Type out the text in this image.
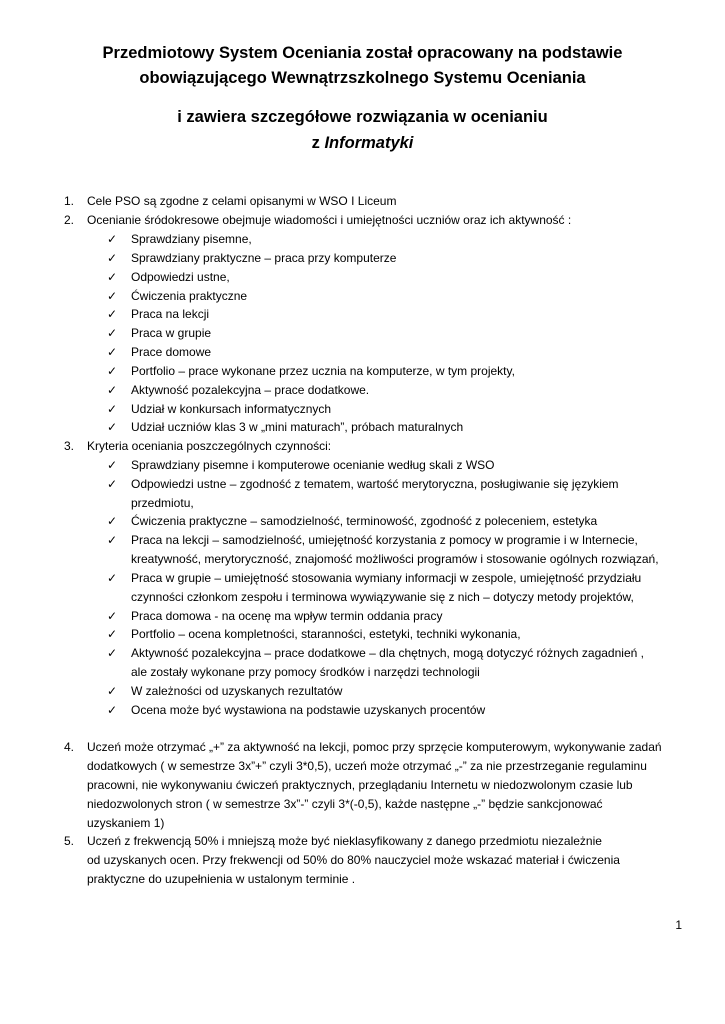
Przedmiotowy System Oceniania został opracowany na podstawie
obowiązującego Wewnątrzszkolnego Systemu Oceniania
i zawiera szczegółowe rozwiązania w ocenianiu
z Informatyki
1.	Cele PSO są zgodne z celami opisanymi w WSO I Liceum
2.	Ocenianie śródokresowe obejmuje wiadomości i umiejętności uczniów oraz ich aktywność :
✓	Sprawdziany pisemne,
✓	Sprawdziany praktyczne – praca przy komputerze
✓	Odpowiedzi ustne,
✓	Ćwiczenia praktyczne
✓	Praca na lekcji
✓	Praca w grupie
✓	Prace domowe
✓	Portfolio – prace wykonane przez ucznia na komputerze, w tym projekty,
✓	Aktywność pozalekcyjna – prace dodatkowe.
✓	Udział w konkursach informatycznych
✓	Udział uczniów klas 3 w „mini maturach”, próbach maturalnych
3.	Kryteria oceniania poszczególnych czynności:
✓	Sprawdziany pisemne i komputerowe ocenianie według skali z WSO
✓	Odpowiedzi ustne – zgodność z tematem, wartość merytoryczna, posługiwanie się językiem
przedmiotu,
✓	Ćwiczenia praktyczne – samodzielność, terminowość, zgodność z poleceniem, estetyka
✓	Praca na lekcji – samodzielność, umiejętność korzystania z pomocy w programie i w Internecie,
kreatywność, merytoryczność, znajomość możliwości programów i stosowanie ogólnych rozwiązań,
✓	Praca w grupie – umiejętność stosowania wymiany informacji w zespole, umiejętność przydziału
czynności członkom zespołu i terminowa wywiązywanie się z nich – dotyczy metody projektów,
✓	Praca domowa - na ocenę ma wpływ termin oddania pracy
✓	Portfolio – ocena kompletności, staranności, estetyki, techniki wykonania,
✓	Aktywność pozalekcyjna – prace dodatkowe – dla chętnych, mogą dotyczyć różnych zagadnień ,
ale zostały wykonane przy pomocy środków i narzędzi technologii
✓	W zależności od uzyskanych rezultatów
✓	Ocena może być wystawiona na podstawie uzyskanych procentów
4.	Uczeń może otrzymać „+” za aktywność na lekcji, pomoc przy sprzęcie komputerowym, wykonywanie zadań
dodatkowych ( w semestrze 3x”+” czyli 3*0,5), uczeń może otrzymać „-” za nie przestrzeganie regulaminu
pracowni, nie wykonywaniu ćwiczeń praktycznych, przeglądaniu Internetu w niedozwolonym czasie lub
niedozwolonych stron ( w semestrze 3x”-” czyli 3*(-0,5), każde następne „-” będzie sankcjonować
uzyskaniem 1)
5.	Uczeń z frekwencją 50% i mniejszą może być nieklasyfikowany z danego przedmiotu niezależnie
od uzyskanych ocen. Przy frekwencji od 50% do 80% nauczyciel może wskazać materiał i ćwiczenia
praktyczne do uzupełnienia w ustalonym terminie .
1
